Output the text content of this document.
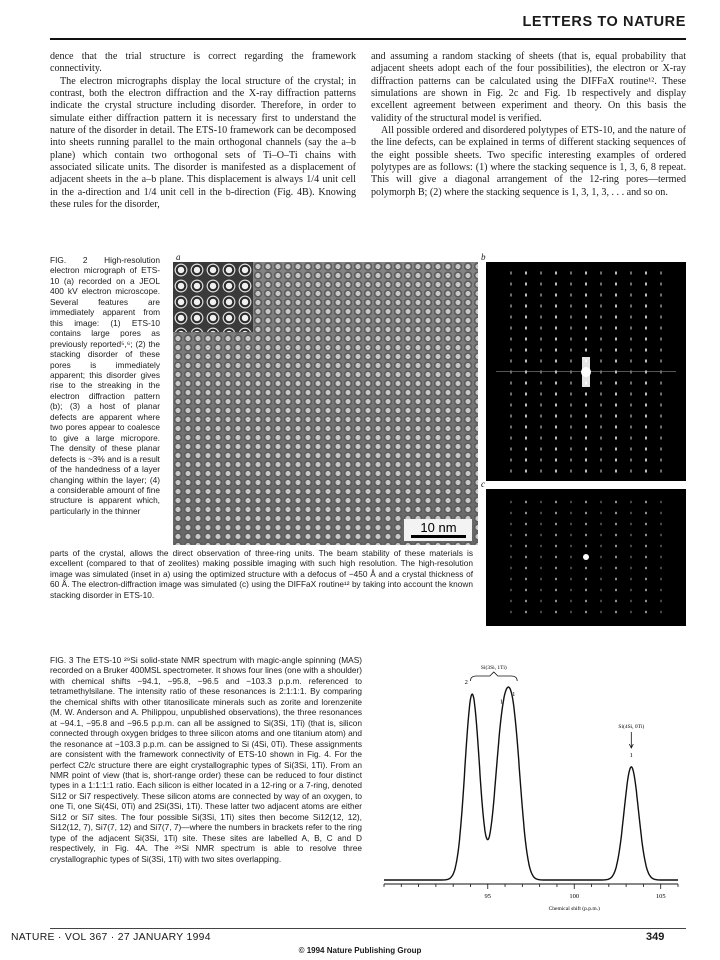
LETTERS TO NATURE

dence that the trial structure is correct regarding the framework connectivity.

The electron micrographs display the local structure of the crystal; in contrast, both the electron diffraction and the X-ray diffraction patterns indicate the crystal structure including disorder. Therefore, in order to simulate either diffraction pattern it is necessary first to understand the nature of the disorder in detail. The ETS-10 framework can be decomposed into sheets running parallel to the main orthogonal channels (say the a–b plane) which contain two orthogonal sets of Ti–O–Ti chains with associated silicate units. The disorder is manifested as a displacement of adjacent sheets in the a–b plane. This displacement is always 1/4 unit cell in the a-direction and 1/4 unit cell in the b-direction (Fig. 4B). Knowing these rules for the disorder,

and assuming a random stacking of sheets (that is, equal probability that adjacent sheets adopt each of the four possibilities), the electron or X-ray diffraction patterns can be calculated using the DIFFaX routine¹². These simulations are shown in Fig. 2c and Fig. 1b respectively and display excellent agreement between experiment and theory. On this basis the validity of the structural model is verified.

All possible ordered and disordered polytypes of ETS-10, and the nature of the line defects, can be explained in terms of different stacking sequences of the eight possible sheets. Two specific interesting examples of ordered polytypes are as follows: (1) where the stacking sequence is 1, 3, 6, 8 repeat. This will give a diagonal arrangement of the 12-ring pores—termed polymorph B; (2) where the stacking sequence is 1, 3, 1, 3, . . . and so on.

FIG. 2 High-resolution electron micrograph of ETS-10 (a) recorded on a JEOL 400 kV electron microscope. Several features are immediately apparent from this image: (1) ETS-10 contains large pores as previously reported⁵,⁶; (2) the stacking disorder of these pores is immediately apparent; this disorder gives rise to the streaking in the electron diffraction pattern (b); (3) a host of planar defects are apparent where two pores appear to coalesce to give a large micropore. The density of these planar defects is ~3% and is a result of the handedness of a layer changing within the layer; (4) a considerable amount of fine structure is apparent which, particularly in the thinner

a	b
c
10 nm

parts of the crystal, allows the direct observation of three-ring units. The beam stability of these materials is excellent (compared to that of zeolites) making possible imaging with such high resolution. The high-resolution image was simulated (inset in a) using the optimized structure with a defocus of −450 Å and a crystal thickness of 60 Å. The electron-diffraction image was simulated (c) using the DIFFaX routine¹² by taking into account the known stacking disorder in ETS-10.

FIG. 3 The ETS-10 ²⁹Si solid-state NMR spectrum with magic-angle spinning (MAS) recorded on a Bruker 400MSL spectrometer. It shows four lines (one with a shoulder) with chemical shifts −94.1, −95.8, −96.5 and −103.3 p.p.m. referenced to tetramethylsilane. The intensity ratio of these resonances is 2:1:1:1. By comparing the chemical shifts with other titanosilicate minerals such as zorite and lorenzenite (M. W. Anderson and A. Philippou, unpublished observations), the three resonances at −94.1, −95.8 and −96.5 p.p.m. can all be assigned to Si(3Si, 1Ti) (that is, silicon connected through oxygen bridges to three silicon atoms and one titanium atom) and the resonance at −103.3 p.p.m. can be assigned to Si (4Si, 0Ti). These assignments are consistent with the framework connectivity of ETS-10 shown in Fig. 4. For the perfect C2/c structure there are eight crystallographic types of Si(3Si, 1Ti). From an NMR point of view (that is, short-range order) these can be reduced to four distinct types in a 1:1:1:1 ratio. Each silicon is either located in a 12-ring or a 7-ring, denoted Si12 or Si7 respectively. These silicon atoms are connected by way of an oxygen, to one Ti, one Si(4Si, 0Ti) and 2Si(3Si, 1Ti). These latter two adjacent atoms are either Si12 or Si7 sites. The four possible Si(3Si, 1Ti) sites then become Si12(12, 12), Si12(12, 7), Si7(7, 12) and Si7(7, 7)—where the numbers in brackets refer to the ring type of the adjacent Si(3Si, 1Ti) site. These sites are labelled A, B, C and D respectively, in Fig. 4A. The ²⁹Si NMR spectrum is able to resolve three crystallographic types of Si(3Si, 1Ti) with two sites overlapping.

2
1
1
1
95	100	105
Chemical shift (p.p.m.)
Si(3Si, 1Ti)
Si(4Si, 0Ti)
NATURE · VOL 367 · 27 JANUARY 1994	349
© 1994 Nature Publishing Group
